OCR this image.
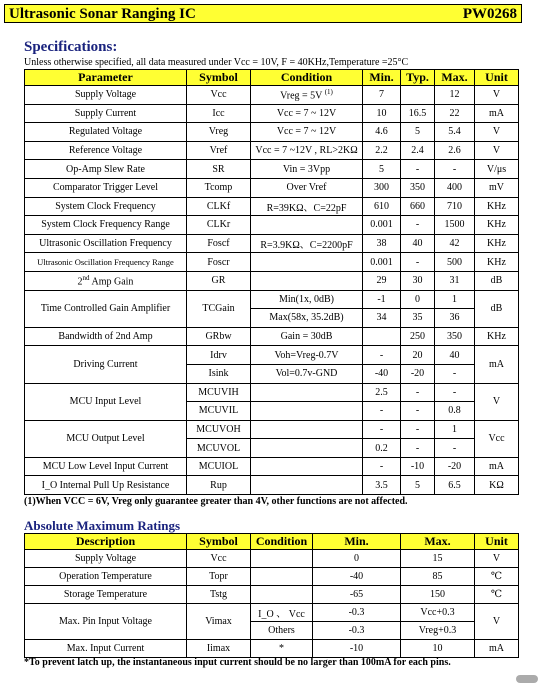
Ultrasonic Sonar Ranging IC	PW0268
Specifications:
Unless otherwise specified, all data measured under Vcc = 10V, F = 40KHz,Temperature =25°C
Parameter	Symbol	Condition	Min.	Typ.	Max.	Unit
Supply Voltage	Vcc	Vreg = 5V $^{(1)}$	7		12	V
Supply Current	Icc	Vcc = 7 ~ 12V	10	16.5	22	mA
Regulated Voltage	Vreg	Vcc = 7 ~ 12V	4.6	5	5.4	V
Reference Voltage	Vref	Vcc = 7 ~12V , RL>2KΩ	2.2	2.4	2.6	V
Op-Amp Slew Rate	SR	Vin = 3Vpp	5	-	-	V/μs
Comparator Trigger Level	Tcomp	Over Vref	300	350	400	mV
System Clock Frequency	CLKf	R=39KΩ、C=22pF	610	660	710	KHz
System Clock Frequency Range	CLKr		0.001	-	1500	KHz
Ultrasonic Oscillation Frequency	Foscf	R=3.9KΩ、C=2200pF	38	40	42	KHz
Ultrasonic Oscillation Frequency Range	Foscr		0.001	-	500	KHz
2nd Amp Gain	GR		29	30	31	dB
Time Controlled Gain Amplifier	TCGain	Min(1x, 0dB)	-1	0	1	dB
		Max(58x, 35.2dB)	34	35	36	
Bandwidth of 2nd Amp	GRbw	Gain = 30dB		250	350	KHz
Driving Current	Idrv	Voh=Vreg-0.7V	-	20	40	mA
	Isink	Vol=0.7v-GND	-40	-20	-	
MCU Input Level	MCUVIH		2.5	-	-	V
	MCUVIL		-	-	0.8	
MCU Output Level	MCUVOH		-	-	1	Vcc
	MCUVOL		0.2	-	-	
MCU Low Level Input Current	MCUIOL		-	-10	-20	mA
I_O Internal Pull Up Resistance	Rup		3.5	5	6.5	KΩ
(1)When VCC = 6V, Vreg only guarantee greater than 4V, other functions are not affected.
Absolute Maximum Ratings
Description	Symbol	Condition	Min.	Max.	Unit
Supply Voltage	Vcc		0	15	V
Operation Temperature	Topr		-40	85	℃
Storage Temperature	Tstg		-65	150	℃
Max. Pin Input Voltage	Vimax	I_O 、 Vcc	-0.3	Vcc+0.3	V
		Others	-0.3	Vreg+0.3	
Max. Input Current	Iimax	*	-10	10	mA
*To prevent latch up, the instantaneous input current should be no larger than 100mA for each pins.
